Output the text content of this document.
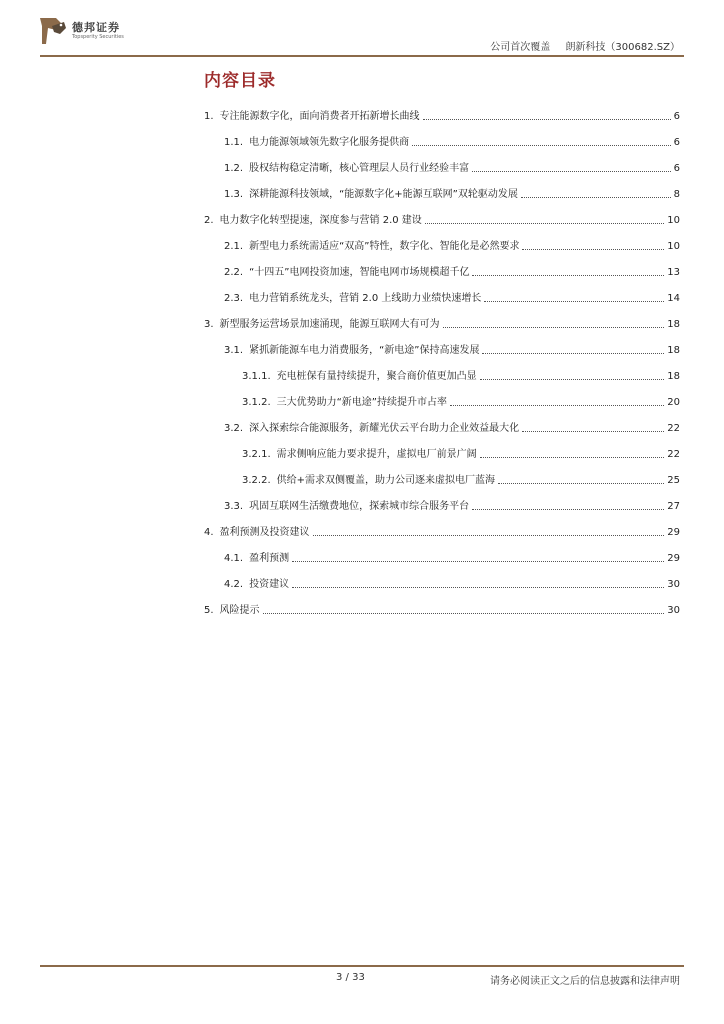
德邦证券
Topsperity Securities
公司首次覆盖 朗新科技（300682.SZ）
内容目录
1. 专注能源数字化，面向消费者开拓新增长曲线	6
1.1. 电力能源领域领先数字化服务提供商	6
1.2. 股权结构稳定清晰，核心管理层人员行业经验丰富	6
1.3. 深耕能源科技领域，“能源数字化+能源互联网”双轮驱动发展	8
2. 电力数字化转型提速，深度参与营销 2.0 建设	10
2.1. 新型电力系统需适应“双高”特性，数字化、智能化是必然要求	10
2.2. “十四五”电网投资加速，智能电网市场规模超千亿	13
2.3. 电力营销系统龙头，营销 2.0 上线助力业绩快速增长	14
3. 新型服务运营场景加速涌现，能源互联网大有可为	18
3.1. 紧抓新能源车电力消费服务，“新电途”保持高速发展	18
3.1.1. 充电桩保有量持续提升，聚合商价值更加凸显	18
3.1.2. 三大优势助力“新电途”持续提升市占率	20
3.2. 深入探索综合能源服务，新耀光伏云平台助力企业效益最大化	22
3.2.1. 需求侧响应能力要求提升，虚拟电厂前景广阔	22
3.2.2. 供给+需求双侧覆盖，助力公司逐来虚拟电厂蓝海	25
3.3. 巩固互联网生活缴费地位，探索城市综合服务平台	27
4. 盈利预测及投资建议	29
4.1. 盈利预测	29
4.2. 投资建议	30
5. 风险提示	30
3 / 33	请务必阅读正文之后的信息披露和法律声明
